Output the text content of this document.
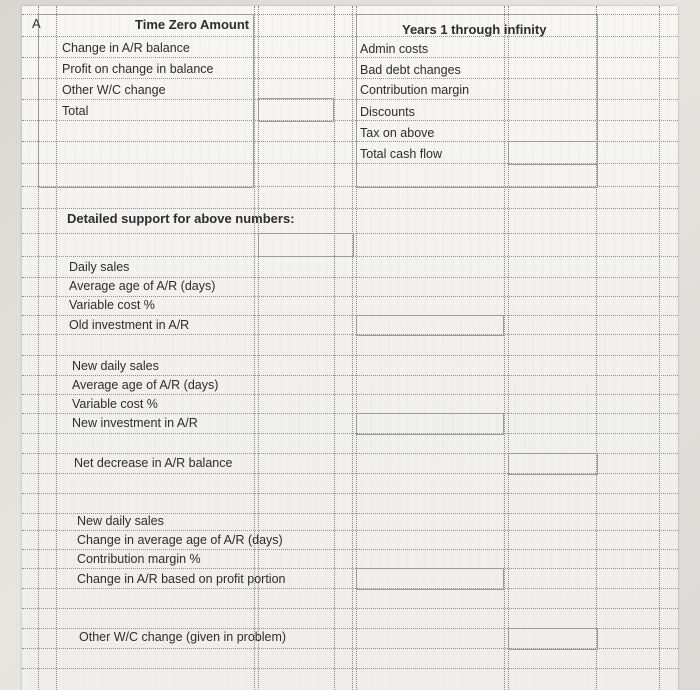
A	Time Zero Amount	Years 1 through infinity
Change in A/R balance
Profit on change in balance
Other W/C change
Total
Admin costs
Bad debt changes
Contribution margin
Discounts
Tax on above
Total cash flow
Detailed support for above numbers:
Daily sales
Average age of A/R (days)
Variable cost %
Old investment in A/R
New daily sales
Average age of A/R (days)
Variable cost %
New investment in A/R
Net decrease in A/R balance
New daily sales
Change in average age of A/R (days)
Contribution margin %
Change in A/R based on profit portion
Other W/C change (given in problem)
